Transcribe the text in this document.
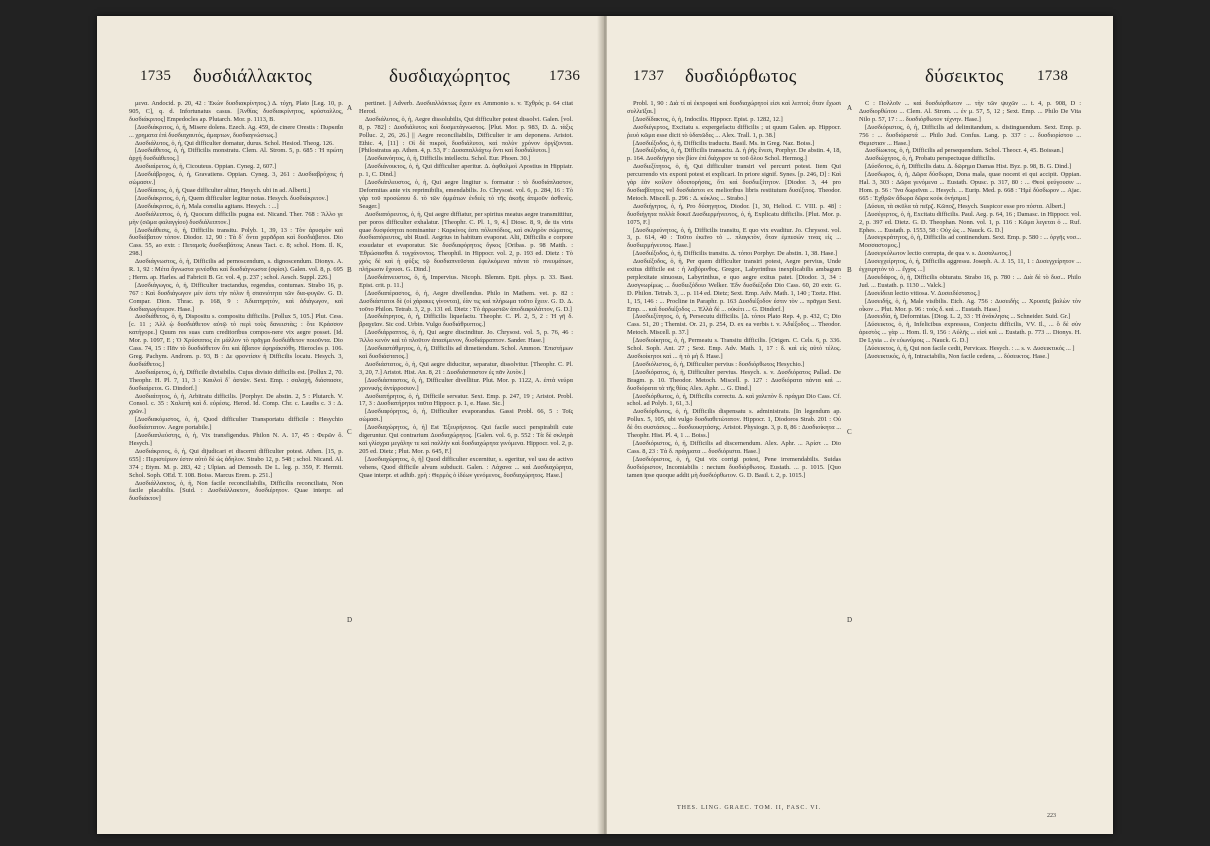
1735 δυσδιάλλακτος	δυσδιαχώρητος	1736

μενα. Andocid. p. 20, 42 : Ἑκὼν δυσδιακρίνητος.) Δ. τύχη, Plato [Leg. 10, p. 905, C], q. d. Infortunatus casus. [Ἀνθίας δυσδιακρίνητος, κρύσταλλος, δυσδιάκριτος] Empedocles ap. Plutarch. Mor. p. 1113, B.

[Δυσδιάκριτος, ὁ, ἡ, Misere dolens. Ezech. Ag. 459, de cinere Orestis : Πυρκαΐα ... χρηματα ἐπὶ δυσδιαχαυτός, ἀμαρτων, δυσδιαγνώστως.]

Δυσδιάλυτος, ὁ, ἡ, Qui difficulter domatur, durus. Schol. Hesiod. Theog. 126.

[Δυσδιάθετος, ὁ, ἡ, Difficilis monstratu. Clem. Al. Strom. 5, p. 685 : Ἡ πρώτη ἀρχή δυσδιάθετος.]

Δυσδιαίρετος, ὁ, ἡ, Cicouteus. Oppian. Cyneg. 2, 607.]

[Δυσδιάβροχος, ὁ, ἡ, Gravatiens. Oppian. Cyneg. 3, 261 : Δυσδιαβρόχοις ἡ σώμασιν.]

[Δυσδίαιτος, ὁ, ἡ, Quae difficulter alitur, Hesych. ubi in ad. Alberti.]

[Δυσδιάκριτος, ὁ, ἡ, Quem difficulter legitur notas. Hesych. δυσδιάκριτον.]

[Δυσδιάκριτος, ὁ, ἡ, Mala consilia agitans. Hesych. : ...]

Δυσδιάλειπτος, ὁ, ἡ, Quocum difficilis pugna est. Nicand. Ther. 768 : Ἄλλο γε μὴν (σῶμα φαλαγγίου) δυσδιάλειπτον.]

[Δυσδιάθεσις, ὁ, ἡ, Difficilis transitu. Polyb. 1, 39, 13 : Τὸν ἀρυσμὸν καὶ δυσδιάβατον τόπον. Diodor. 12, 90 : Τὰ δ᾽ ὄντα χαρᾶδραι καὶ δυσδιάβατοι. Dio Cass. 55, ao extr. : Πεταμοῖς δυσδιαβάτοις Aneas Tact. c. 8; schol. Hom. Il. K, 298.]

Δυσδιάγνωστος, ὁ, ἡ, Difficilis ad pernoscendum, s. dignoscendum. Dionys. A. R. 1, 92 : Μέτα ἄγνωστα γενέσθαι καὶ δυσδιάγνωστα (σφίσι). Galen. vol. 8, p. 695 ; Herm. ap. Harles. ad Fabricii B. Gr. vol. 4, p. 237 ; schol. Aesch. Suppl. 226.]

[Δυσδιάγωγος, ὁ, ἡ, Difficulter tractandus, regendus, contumax. Strabo 16, p. 767 : Καὶ δυσδιάγωγον μέν ἐστι τὴν πόλιν ἢ σπανιότητα τῶν δια-φυγῶν. G. D. Compar. Dion. Thrac. p. 168, 9 : Ἀδιατηρητόν, καὶ ἀδιάγωγον, καὶ δυσδιαγωγότερον. Hase.]

Δυσδιάθετος, ὁ, ἡ, Dispositu s. compositu difficilis. [Pollux 5, 105.] Plut. Cess. [c. 11 ; Ἀλλ ᾠ δυσδιάθετον αὐτῷ τὸ περὶ τοὺς δανειστὰς; : ὅτε Κράσσον κατήγορε.] Quum res suas cum creditoribus compos-nere vix aegre posset. [Id. Mor. p. 1097, E ; Ὁ Χρύσιππος ἐπ μάλλον τὸ πρᾶγμα δυσδιάθετον ποιοῦντα. Dio Cass. 74, 15 : Πᾶν τὸ δυσδιάθετον ὅτι καὶ ἄβατον ἐφηράκπόθη. Hierocles p. 106. Greg. Pachym. Androm. p. 93, B : Δε φροντίσιν ἡ Difficilis locatu. Hesych. 3, δυσδιάθετος.]

Δυσδιαίρετος, ὁ, ἡ, Difficile divisibilis. Cujus divisio difficilis est. [Pollux 2, 70. Theophr. H. Pl. 7, 11, 3 : Καυλοὶ δ᾽ ἀστῶν. Sext. Emp. : σαλαχὴ, διάσπασιν, δυσδιαίρετοι. G. Dindorf.]

Δυσδιαίτητος, ὁ, ἡ, Arbitratu difficilis. [Porphyr. De abstin. 2, 5 : Plutarch. V. Consol. c. 35 : Χαλεπὴ καὶ δ. εὑρέσις. Herod. Id. Comp. Chr. c. Laudis c. 3 : Δ. χρῶν.]

[Δυσδιακόμιστος, ὁ, ἡ, Quod difficulter Transportatu difficile : Hesychio δυσδιάστατον. Aegre portabile.]

[Δυσδιαπλεύστης, ὁ, ἡ, Vix transfigendus. Philon N. A. 17, 45 : Φερῶν ὃ. Hesych.]

Δυσδιάκριτος, ὁ, ἡ, Qui dijudicari et discerni difficulter potest. Athen. [15, p. 655] : Περιστέριον ἐστιν αὐτὸ δὲ ὡς ἀδηλον. Strabo 12, p. 548 ; schol. Nicand. Al. 374 ; Etym. M. p. 283, 42 ; Ulpian. ad Demosth. De L. leg. p. 359, F. Hermit. Schol. Soph. OEd. T. 108. Boiss. Marcus Erem. p. 251.]

Δυσδιάλλακτος, ὁ, ἡ, Non facile reconciliabilis, Difficilis reconciliatu, Non facile placabilis. [Suid. : Δυσδιάλλακτον, δυσδιέρητον. Quae interpr. ad δυσδιάκτον]

pertinet. || Adverb. Δυσδιαλλάκτως ἔχειν ex Ammonio s. v. Ἐχθρὸς p. 64 citat Herod.

Δυσδιάλυτος, ὁ, ἡ, Aegre dissolubilis, Qui difficulter potest dissolvi. Galen. [vol. 8, p. 782] : Δυσδιάλυτος καὶ δυσμετάγνωστος. [Plut. Mor. p. 983, D. Δ. τὰξις Polluc. 2, 26, 26.] || Aegre reconciliabilis, Difficulter ir am deponens. Aristot. Ethic. 4, [11] : Οἱ δὲ πικροὶ, δυσδιάλυτοι, καὶ πολὺν χρόνον ὀργίζονται. [Philostratus ap. Athen. 4, p. 53, F : Δυσαπαλλάχτῳ ὄντι καὶ δυσδιάλυτοι.]

[Δυσδιανόητος, ὁ, ἡ, Difficilis intellectu. Schol. Eur. Phoen. 30.]

[Δυσδιάνοικτος, ὁ, ἡ, Qui difficulter aperitur. Δ. ἀφθαλμοὶ Apostius in Hippiatr. p. 1, C. Dind.]

[Δυσδιάπλευστος, ὁ, ἡ, Qui aegre lingitur s. formatur : τὸ δυσδιάπλαστον, Deformitas ante vix reprimibilis, emendabilis. Jo. Chrysost. vol. 6, p. 284, 16 : Τὸ γὰρ τοῦ προσώπου δ. τὸ τῶν ὀμμάτων ἐνδεὲς τὸ τῆς ἀκοῆς ἀτιμοῦν ἀσθενές. Seager.]

Δυσδιαπόρευτος, ὁ, ἡ, Qui aegre diffiatur, per spiritus meatus aegre transmittitur, per poros difficulter exhalatur. [Theophr. C. Pl. 1, 9, 4.] Diosc. 8, 9, de tis viris quae δυσφύσηται nominantur : Καρκίνος ἐστι πόλυπόδιος, καὶ σκληρὸν σώματος, δυσδιαπόρευτος, ubi Rustl. Aegrius in habitum evaporat. Alii, Difficilis e corpore exsudatur et evaporatur. Sic δυσδιαφόρητος ὄγκος [Oribas. p. 98 Matth. : Ἐθρώσασθαι δ. τυγχάνοντος. Theophil. in Hippocr. vol. 2, p. 193 ed. Dietz : Τὸ χρὸς δὲ καὶ ἡ φύξις τῷ δυσδιαπνεῦσται ἐφελκόμενα πάντα τὸ πνευμάτων, πλήρωσιν ἔχουσι. G. Dind.]

[Δυσδιάπνευστος, ὁ, ἡ, Impervius. Nicoph. Blemm. Epit. phys. p. 33. Bast. Epist. crit. p. 11.]

[Δυσδιαπέραστος, ὁ, ἡ, Aegre divellendus. Philo in Mathem. vet. p. 82 : Δυσδιάστατοι δὲ (οἱ χάρακες γίνονται), ἐὰν τις καὶ πλήρωμα τοῦτο ἔχειν. G. D. Δ. τοῦτο Philon. Tetrab. 3, 2, p. 131 ed. Dietz : Τὸ ἀρρωστῶν ἀποδιαφυλάττον, G. D.]

[Δυσδιάτρητος, ὁ, ἡ, Difficilis liquefactu. Theophr. C. Pl. 2, 5, 2 : Ἡ γῆ δ. βραχεῖαν. Sic cod. Urbin. Vulgo δυσδιάθρυπτος.]

[Δυσδιάρραπτος, ὁ, ἡ, Qui aegre discinditur. Jo. Chrysost. vol. 5, p. 76, 46 : Ἄλλο κενὸν καὶ τὸ πλοῦτον ἀπασίμενον, δυσδιάρραπτον. Sander. Hase.]

[Δυσδιαστάθμητος, ὁ, ἡ, Difficilis ad dimetiendum. Schol. Ammon. Ἐπιστήμων καὶ δυσδιάστατος.]

Δυσδιάστατος, ὁ, ἡ, Qui aegre diducitur, separatur, dissolvitur. [Theophr. C. Pl. 3, 20, 7.] Aristot. Hist. An. 8, 21 : Δυσδιάσπαστον ἐς πᾶν λυτὸν.]

[Δυσδιάσπαστος, ὁ, ἡ, Difficulter divellitur. Plut. Mor. p. 1122, A. ἐπτὰ νεύρα χρονικὴς ἀντίρροσιον.]

Δυσδιατήρητος, ὁ, ἡ, Difficile servatur. Sext. Emp. p. 247, 19 ; Aristot. Probl. 17, 3 : Δυσδιατήρητοι ταῦτα Hippocr. p. 1, e. Hase. Sic.]

[Δυσδιαφόρητος, ὁ, ἡ, Difficulter evaporandus. Gassi Probl. 66, 5 : Τοῖς σώμασι.]

[Δυσδιαχώρητος, ὁ, ἡ] Est Ἐξευρήσιτος. Qui facile succi perspirabili cute digeruntur. Qui contrarium Δυσδιαχώρητος. [Galen. vol. 6, p. 552 : Τὰ δὲ σκληρὰ καὶ γλίσχρα μεγάλην τε καὶ παλλὴν καὶ δυσδιαχώρητα γινόμενα. Hippocr. vol. 2, p. 205 ed. Dietz ; Plut. Mor. p. 645, F.]

[Δυσδιαχώρητος, ὁ, ἡ] Quod difficulter excernitur, s. egeritur, vel usu de activo vehens, Quod difficile alvum subducit. Galen. : Λάχανα ... καὶ Δυσδιαχώρητα, Quae interpr. et adhib. χρὴ : Θερμὸς ὁ ἰδέων γενόμενος, δυσδιαχώρητος. Hase.]

A
B
C
D
1737 δυσδιόρθωτος	δύσεικτος 1738

Probl. 1, 90 : Διὰ τί αἱ ἐκτροφαὶ καὶ δυσδιαχώρητοί εἰσι καὶ λεπτοὶ; ὅταν ἔχωσι συλλεῖξαι.]

[Δυσδίδακτος, ὁ, ἡ, Indocilis. Hippocr. Epist. p. 1282, 12.]

Δυσδιέγερτος, Excitatu s. expergefactu difficilis ; ut quum Galen. ap. Hippocr. ῥευὸ κῶμα esse dicit τὸ ὑδατῶδες ... Alex. Trall. 1, p. 38.]

[Δυσδιέξοδος, ὁ, ἡ, Difficilis traductu. Basil. Ms. in Greg. Naz. Boiss.]

[Δυσδιέξοδος, ὁ, ἡ, Difficilis transactu. Δ. ἡ ῥῆς ἔνεσι, Porphyr. De abstin. 4, 18, p. 164. Δυσδιήγηο τὸν βίον ἐπί διάχορον τε τοῦ ὅλου Schol. Hermog.]

Δυσδιεξίτητος, ὁ, ἡ, Qui difficulter transiri vel percurri potest. Item Qui percurrendo vix exponi potest et explicari. In priore signif. Synes. [p. 246, D] : Καὶ γὰρ ἐάν κοίλον ὁδοιπορήσας, ὅτι καὶ δυσδιεξίτητον. [Diodor. 3, 44 pro δυσδιαβίτητος vel δυσδιάστοι ex melioribus libris restitutum δυσέξιτος. Theodor. Metoch. Miscell. p. 296 : Δ. κύκλος ... Strabo.]

Δυσδιήγητος, ὁ, ἡ, Pro δύσηγητος, Diodor. [1, 30, Heliod. C. VIII. p. 48] : δυσδιήγητα πολλὰ δοκεῖ Δυσδιερμήνευτος, ὁ, ἡ, Explicatu difficilis. [Plut. Mor. p. 1075, F.]

[Δυσδιερεύνητος, ὁ, ἡ, Difficilis transitu, E quo vix evaditur. Jo. Chrysost. vol. 3, p. 614, 40 : Τοῦτο ἐκεῖνο τὸ ... πλαγκτὸν, ὅταν ἐμπεσών τινας εἰς ... δυσδιερμήνευτος. Hase.]

[Δυσδιέξοδος, ὁ, ἡ, Difficilis transitu. Δ. τόποι Porphyr. De abstin. 1, 38. Hase.]

Δυσδιέξοδος, ὁ, ἡ, Per quem difficulter transiri potest, Aegre pervius, Unde exitus difficile est : ἡ λαβύρινθος. Gregor., Labyrinthus inexplicabilis ambagum perplexitate sinuosus, Labyrinthus, e quo aegre exitus patet. [Diodor. 3, 34 : Δυσγνωρίμως ... δυσδιεξόδοιο Welker. Ἐδν δυσδιέξοδα Dio Cass. 60, 20 extr. G. D. Philon. Tetrab. 3, ... p. 114 ed. Dietz; Sext. Emp. Adv. Math. 1, 140 ; Tzetz. Hist. 1, 15, 146 : ... Procline in Paraphr. p. 163 Δυσδιέξοδον ἐστιν τὸν ... πρᾶγμα Sext. Emp. ... καὶ δυσδιέξοδος ... Ἐλλὰ δὲ ... οὐκέτι ... G. Dindorf.]

[Δυσδιεξίτητος, ὁ, ἡ, Persecutu difficilis. [Δ. τόποι Plato Rep. 4, p. 432, C; Dio Cass. 51, 20 ; Themist. Or. 21, p. 254, D. ex ea verbis t. v. Ἀδιέξοδος ... Theodor. Metoch. Miscell. p. 37.]

[Δυσδιοίκητος, ὁ, ἡ, Permeatu s. Transitu difficilis. [Origen. C. Cels. 6, p. 336. Schol. Soph. Ant. 27 ; Sext. Emp. Adv. Math. 1, 17 : δ. καὶ εἰς αὐτὸ τέλος. Δυσδιοίκητοι καὶ ... ἡ τὸ μὴ δ. Hase.]

[Δυσδιόλιστος, ὁ, ἡ, Difficulter pervius : δυσδιόρθωτος Hesychio.]

[Δυσδιόρατος, ὁ, ἡ, Difficulter pervius. Hesych. s. v. Δυσδιόρατος Pallad. De Bragm. p. 10. Theodor. Metoch. Miscell. p. 127 : Δυσδιόρατα πάντα καὶ ... δυσδιόρατα τὰ τῆς θέας Alex. Aphr. ... G. Dind.]

[Δυσδιόρθωτος, ὁ, ἡ, Difficilis correctu. Δ. καὶ χαλεπὸν δ. πράγμα Dio Cass. Cf. schol. ad Polyb. 1, 61, 3.]

Δυσδιόρθωτος, ὁ, ἡ, Difficilis dispensatu s. administratu. [In legendum ap. Pollux. 5, 105, ubi vulgo δυσδιαθετώτατον. Hippocr. 1, Diodoros Strab. 201 : Οὐ δὲ ὅτι συστάσιος ... δυσδιοικητάσης. Aristot. Physiogn. 3, p. 8, 86 : Δυσδιοίκητα ... Theophr. Hist. Pl. 4, 1 ... Boiss.]

[Δυσδιόριστος, ὁ, ἡ, Difficilis ad discernendum. Alex. Aphr. ... Ἀρίστ ... Dio Cass. 8, 23 : Τὰ δ. πράγματα ... δυσδιόριστα. Hase.]

[Δυσδιόριστος, ὁ, ἡ, Qui vix corrigi potest, Pene irremendabilis. Suidas δυσδιόριστον, Incomiabilis : nectum δυσδιόρθωτος. Eustath. ... p. 1015. [Quo tamen ipse quoque addit μὴ δυσδιόρθωτον. G. D. Basil. t. 2, p. 1015.]

C : Πολλοῖν ... καὶ δυσδιόρθωτον ... τὴν τῶν ψυχῶν ... t. 4, p. 908, D : Δυσδιορθώτου ... Clem. Al. Strom. ... ἐν μ. 57, 5, 12 ; Sext. Emp. ... Philo De Vita Nilo p. 57, 17 : ... δυσδιόρθωτον τέχνην. Hase.]

[Δυσδιόριστος, ὁ, ἡ, Difficilis ad delimitandum, s. distinguendum. Sext. Emp. p. 756 : ... δυσδιόριστά ... Philo Jud. Confus. Lang. p. 337 : ... δυσδιορίστου ... Θεμιστιαν ... Hase.]

Δυσδίωκτος, ὁ, ἡ, Difficilis ad persequendum. Schol. Theocr. 4, 45. Boissan.]

Δυσδιώχητος, ὁ, ἡ, Probatu perspectuque difficilis.

[Δύσδοτος, ὁ, ἡ, Difficilis datu. Δ. δῶρημα Damas Hist. Byz. p. 98, B. G. Dind.]

[Δυσδωρος, ὁ, ἡ, Δῶρα δύσδωρα, Dona mala, quae nocent ei qui accipit. Oppian. Hal. 3, 303 : Δῶρα γενόμενα ... Eustath. Opusc. p. 317, 80 : ... Θεοὶ φεύγουσιν ... Hom. p. 56 : Ἵνα δωρεῖναι ... Hesych. ... Eurip. Med. p. 668 : Ἤμὲ δύσδωρον ... Ajac. 665 : Ἐχθρῶν ἄδωρα δῶρα κοὐκ ὀνήσιμα.]

[Δύσεα, τὰ σκῦλα τὰ πεῖρζ. Κῶποζ, Hesych. Suspicor esse pro πύστα. Albert.]

[Δυσέγερτος, ὁ, ἡ, Excitatu difficilis. Paul. Aeg. p. 64, 16 ; Damasc. in Hippocr. vol. 2, p. 397 ed. Dietz. G. D. Theophan. Nonn. vol. 1, p. 116 : Κῶμα λεγεται ὁ ... Ruf. Ephes. ... Eustath. p. 1553, 58 : Οὐχ ὡς ... Nauck. G. D.]

[Δυσεγκράτητος, ὁ, ἡ, Difficilis ad continendum. Sext. Emp. p. 580 : ... ὀργῆς νοσ... Μοσσαστομος.]

[Δυσεγκύλωτον lectio corrupta, de qua v. s. Δυσαλωτος.]

[Δυσεγχείρητος, ὁ, ἡ, Difficilis aggressu. Joseph. A. J. 15, 11, 1 : Δυσεγχείρητον ... ἐγχειρητὸν τὸ ... ἔγχος ...]

[Δυσεδάφος, ὁ, ἡ, Difficilis obturatu. Strabo 16, p. 780 : ... Διὰ δὲ τὸ δυσ... Philo Jud. ... Eustath. p. 1130 ... Valck.]

[Δυσείδεια lectio vitiosa. V. Δυσειδέστατος.]

[Δυσειδής, ὁ, ἡ, Male visibilis. Etch. Ag. 756 : Δυσειδὴς ... Χρυσεῖς βαλὼν τὸν οἶκον ... Plut. Mor. p. 96 : τοὺς δ. καὶ ... Eustath. Hase.]

[Δυσειδία, ἡ, Deformitas. [Diog. L. 2, 33 : Ἡ ἀνάκλησις ... Schneider. Suid. Gr.]

[Δύσεικτος, ὁ, ἡ, Infelicibus expressus, Conjectu difficilis, VV. Il., ... ὃ δὲ σὺν ἀρεστὸς ... γὰρ ... Hom. Il. 9, 156 : Αὐλῆς ... εἰσὶ καὶ ... Eustath. p. 773 ... Dionys. H. De Lysia ... ἐν εὐωνύμοις ... Nauck. G. D.]

[Δύσεικτος, ὁ, ἡ, Qui non facile cedit, Pervicax. Hesych. : ... s. v. Δυσεικτικός ... ]

[Δυσεικτικός, ὁ, ἡ, Intractabilis, Non facile cedens, ... δύσεικτος. Hase.]

A
B
C
D
THES. LING. GRAEC. TOM. II, FASC. VI.
223
